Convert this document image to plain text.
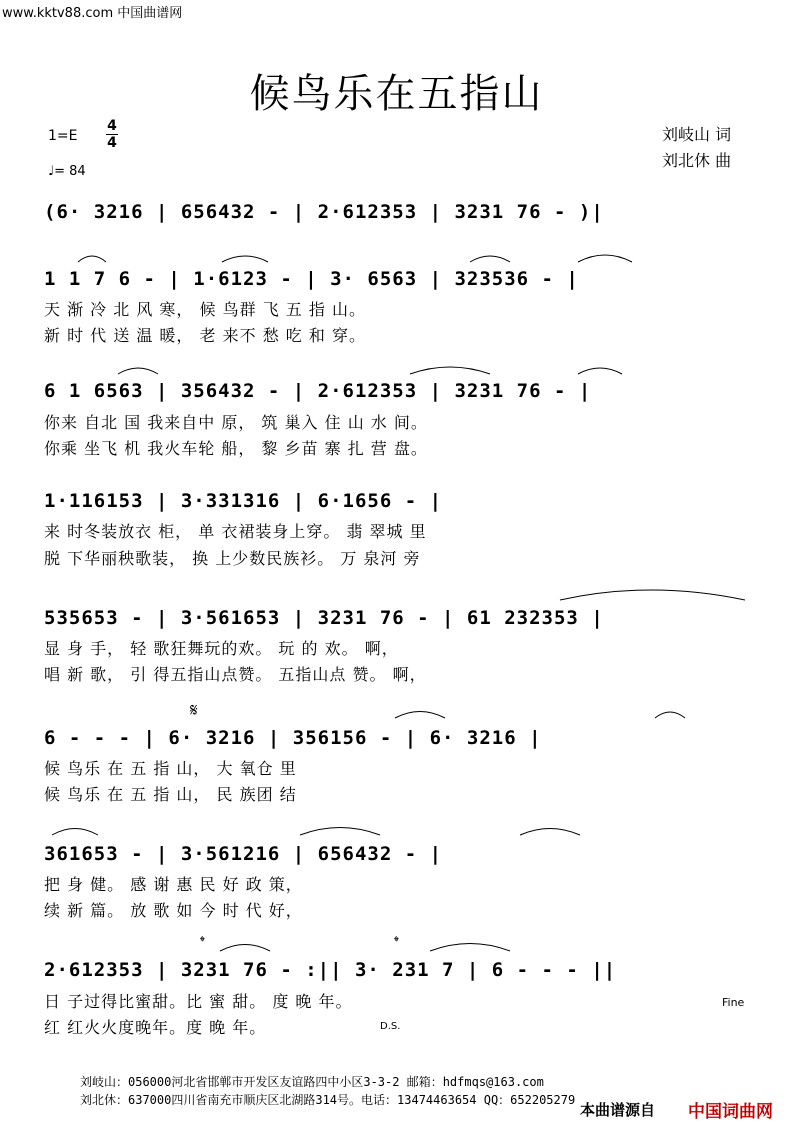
www.kktv88.com 中国曲谱网
候鸟乐在五指山
1=E
4
4
♩= 84
刘岐山 词
刘北休 曲
(6· 3216 | 656432 - | 2·612353 | 3231 76 - )|
1 1 7 6 - | 1·6123 - | 3· 6563 | 323536 - |
天 渐 冷 北 风 寒， 候 鸟群 飞 五 指 山。
新 时 代 送 温 暖， 老 来不 愁 吃 和 穿。
6 1 6563 | 356432 - | 2·612353 | 3231 76 - |
你来 自北 国 我来自中 原， 筑 巢入 住 山 水 间。
你乘 坐飞 机 我火车轮 船， 黎 乡苗 寨 扎 营 盘。
1·116153 | 3·331316 | 6·1656 - |
来 时冬装放衣 柜， 单 衣裙装身上穿。 翡 翠城 里
脱 下华丽秧歌装， 换 上少数民族衫。 万 泉河 旁
535653 - | 3·561653 | 3231 76 - | 61 232353 |
显 身 手， 轻 歌狂舞玩的欢。 玩 的 欢。 啊，
唱 新 歌， 引 得五指山点赞。 五指山点 赞。 啊，
𝄋
6 - - - | 6· 3216 | 356156 - | 6· 3216 |
候 鸟乐 在 五 指 山， 大 氧仓 里
候 鸟乐 在 五 指 山， 民 族团 结
361653 - | 3·561216 | 656432 - |
把 身 健。 感 谢 惠 民 好 政 策，
续 新 篇。 放 歌 如 今 时 代 好，
𝄌	𝄌
2·612353 | 3231 76 - :|| 3· 231 7 | 6 - - - ||
日 子过得比蜜甜。比 蜜 甜。 度 晚 年。
红 红火火度晚年。度 晚 年。
Fine
D.S.
刘岐山：056000河北省邯郸市开发区友谊路四中小区3-3-2 邮箱：hdfmqs@163.com
刘北休：637000四川省南充市顺庆区北湖路314号。电话：13474463654 QQ：652205279
本曲谱源自 中国词曲网
